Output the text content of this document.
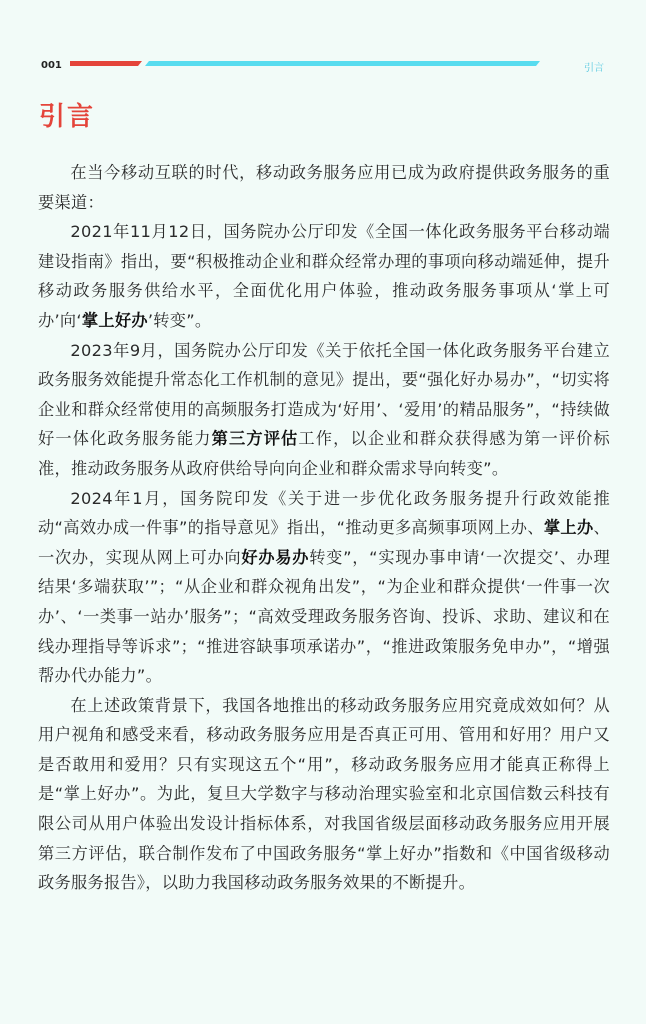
001	引言
引言

在当今移动互联的时代，移动政务服务应用已成为政府提供政务服务的重要渠道：

2021年11月12日，国务院办公厅印发《全国一体化政务服务平台移动端建设指南》指出，要“积极推动企业和群众经常办理的事项向移动端延伸，提升移动政务服务供给水平，全面优化用户体验，推动政务服务事项从‘掌上可办’向‘掌上好办’转变”。

2023年9月，国务院办公厅印发《关于依托全国一体化政务服务平台建立政务服务效能提升常态化工作机制的意见》提出，要“强化好办易办”，“切实将企业和群众经常使用的高频服务打造成为‘好用’、‘爱用’的精品服务”，“持续做好一体化政务服务能力第三方评估工作，以企业和群众获得感为第一评价标准，推动政务服务从政府供给导向向企业和群众需求导向转变”。

2024年1月，国务院印发《关于进一步优化政务服务提升行政效能推动“高效办成一件事”的指导意见》指出，“推动更多高频事项网上办、掌上办、一次办，实现从网上可办向好办易办转变”，“实现办事申请‘一次提交’、办理结果‘多端获取’”；“从企业和群众视角出发”，“为企业和群众提供‘一件事一次办’、‘一类事一站办’服务”；“高效受理政务服务咨询、投诉、求助、建议和在线办理指导等诉求”；“推进容缺事项承诺办”，“推进政策服务免申办”，“增强帮办代办能力”。

在上述政策背景下，我国各地推出的移动政务服务应用究竟成效如何？从用户视角和感受来看，移动政务服务应用是否真正可用、管用和好用？用户又是否敢用和爱用？只有实现这五个“用”，移动政务服务应用才能真正称得上是“掌上好办”。为此，复旦大学数字与移动治理实验室和北京国信数云科技有限公司从用户体验出发设计指标体系，对我国省级层面移动政务服务应用开展第三方评估，联合制作发布了中国政务服务“掌上好办”指数和《中国省级移动政务服务报告》，以助力我国移动政务服务效果的不断提升。
